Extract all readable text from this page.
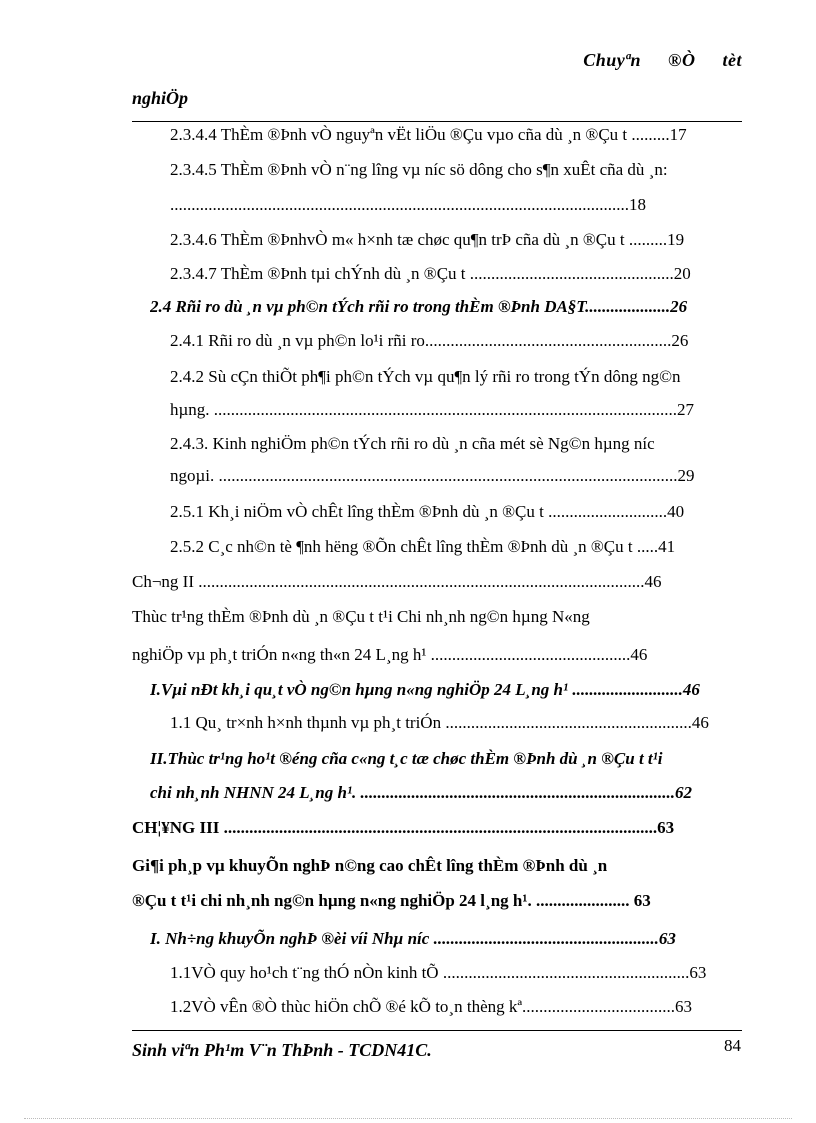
Chuyªn ®Ò tèt
nghiÖp
2.3.4.4 ThÈm ®Þnh vÒ nguyªn vËt liÖu ®Çu vµo cña dù ¸n ®Çu t .........17
2.3.4.5 ThÈm ®Þnh vÒ n¨ng lîng vµ níc sö dông cho s¶n xuÊt cña dù ¸n:
............................................................................................................18
2.3.4.6 ThÈm ®ÞnhvÒ m« h×nh tæ chøc qu¶n trÞ cña dù ¸n ®Çu t .........19
2.3.4.7 ThÈm ®Þnh tµi chÝnh dù ¸n ®Çu t ................................................20
2.4 Rñi ro dù ¸n vµ ph©n tÝch rñi ro trong thÈm ®Þnh DA§T....................26
2.4.1 Rñi ro dù ¸n vµ ph©n lo¹i rñi ro..........................................................26
2.4.2 Sù cÇn thiÕt ph¶i ph©n tÝch vµ qu¶n lý rñi ro trong tÝn dông ng©n
hµng. .............................................................................................................27
2.4.3. Kinh nghiÖm ph©n tÝch rñi ro dù ¸n cña mét sè Ng©n hµng níc
ngoµi. ............................................................................................................29
2.5.1 Kh¸i niÖm vÒ chÊt lîng thÈm ®Þnh dù ¸n ®Çu t ............................40
2.5.2 C¸c nh©n tè ¶nh hëng ®Õn chÊt lîng thÈm ®Þnh dù ¸n ®Çu t .....41
Ch¬ng II .........................................................................................................46
Thùc tr¹ng thÈm ®Þnh dù ¸n ®Çu t t¹i Chi nh¸nh ng©n hµng N«ng
nghiÖp vµ ph¸t triÓn n«ng th«n 24 L¸ng h¹ ...............................................46
I.Vµi nÐt kh¸i qu¸t vÒ ng©n hµng n«ng nghiÖp 24 L¸ng h¹ ..........................46
1.1 Qu¸ tr×nh h×nh thµnh vµ ph¸t triÓn ..........................................................46
II.Thùc tr¹ng ho¹t ®éng cña c«ng t¸c tæ chøc thÈm ®Þnh dù ¸n ®Çu t t¹i
chi nh¸nh NHNN 24 L¸ng h¹. ..........................................................................62
CH¦¥NG III ......................................................................................................63
Gi¶i ph¸p vµ khuyÕn nghÞ n©ng cao chÊt lîng thÈm ®Þnh dù ¸n
®Çu t t¹i chi nh¸nh ng©n hµng n«ng nghiÖp 24 l¸ng h¹. ...................... 63
I. Nh÷ng khuyÕn nghÞ ®èi víi Nhµ níc .....................................................63
1.1VÒ quy ho¹ch t¨ng thÓ nÒn kinh tÕ ..........................................................63
1.2VÒ vÊn ®Ò thùc hiÖn chÕ ®é kÕ to¸n thèng kª....................................63
Sinh viªn Ph¹m V¨n ThÞnh - TCDN41C.	84
